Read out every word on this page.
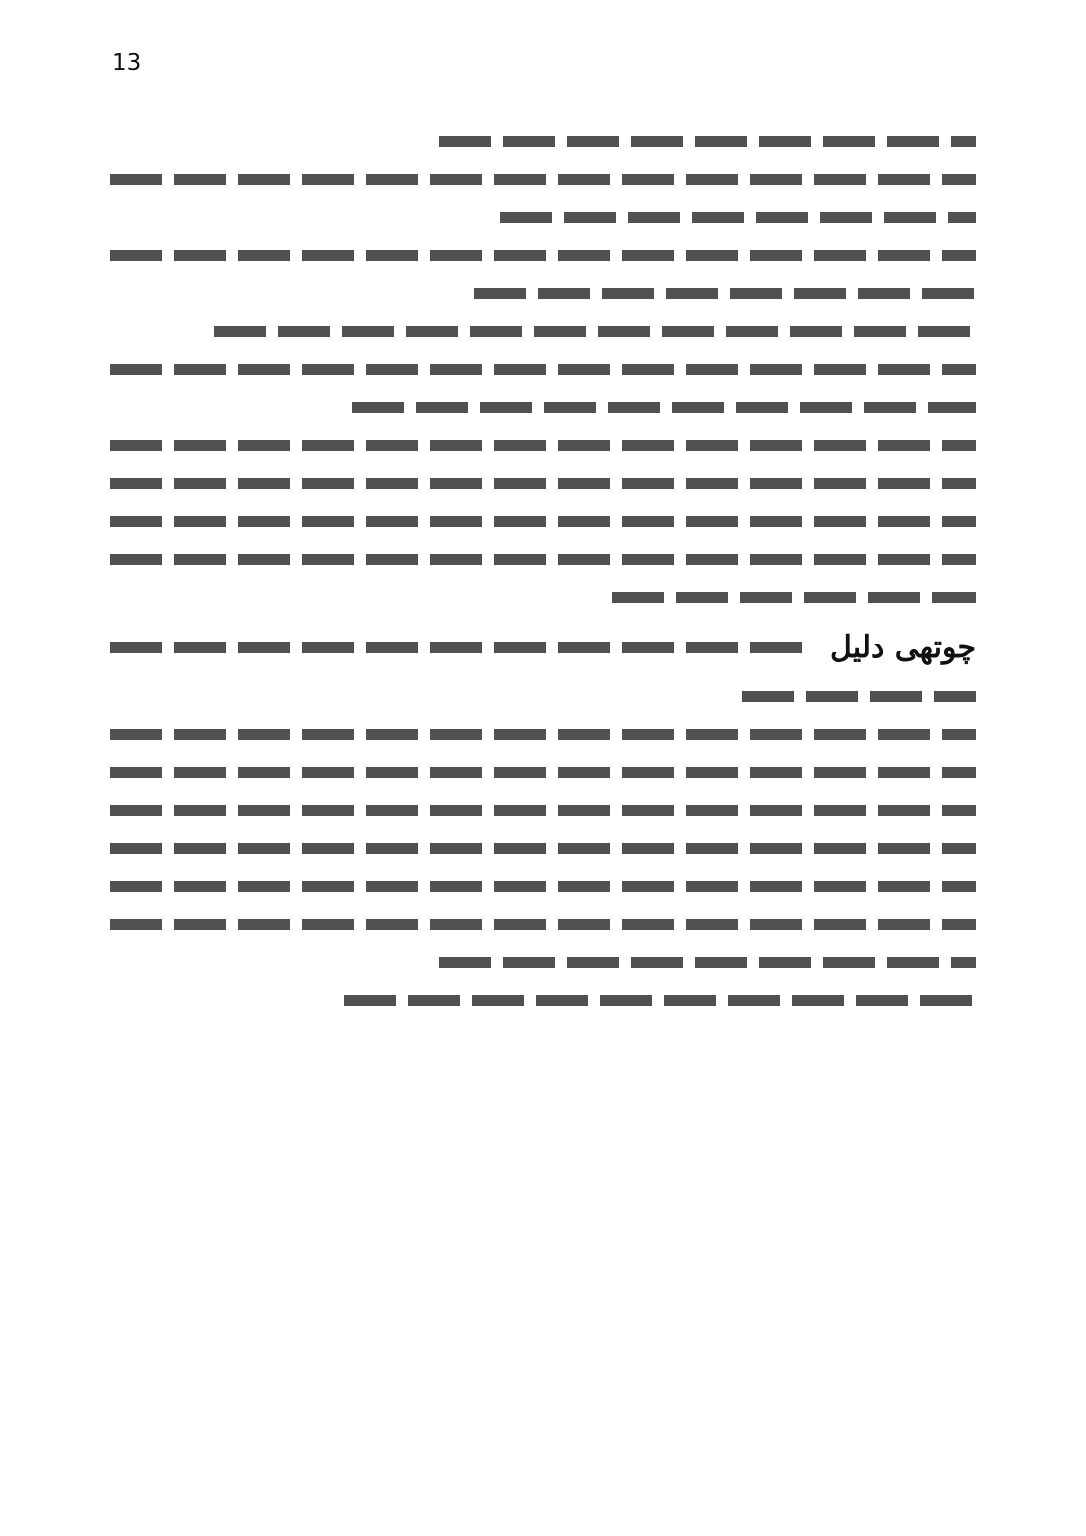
13
چوتھی دلیل
